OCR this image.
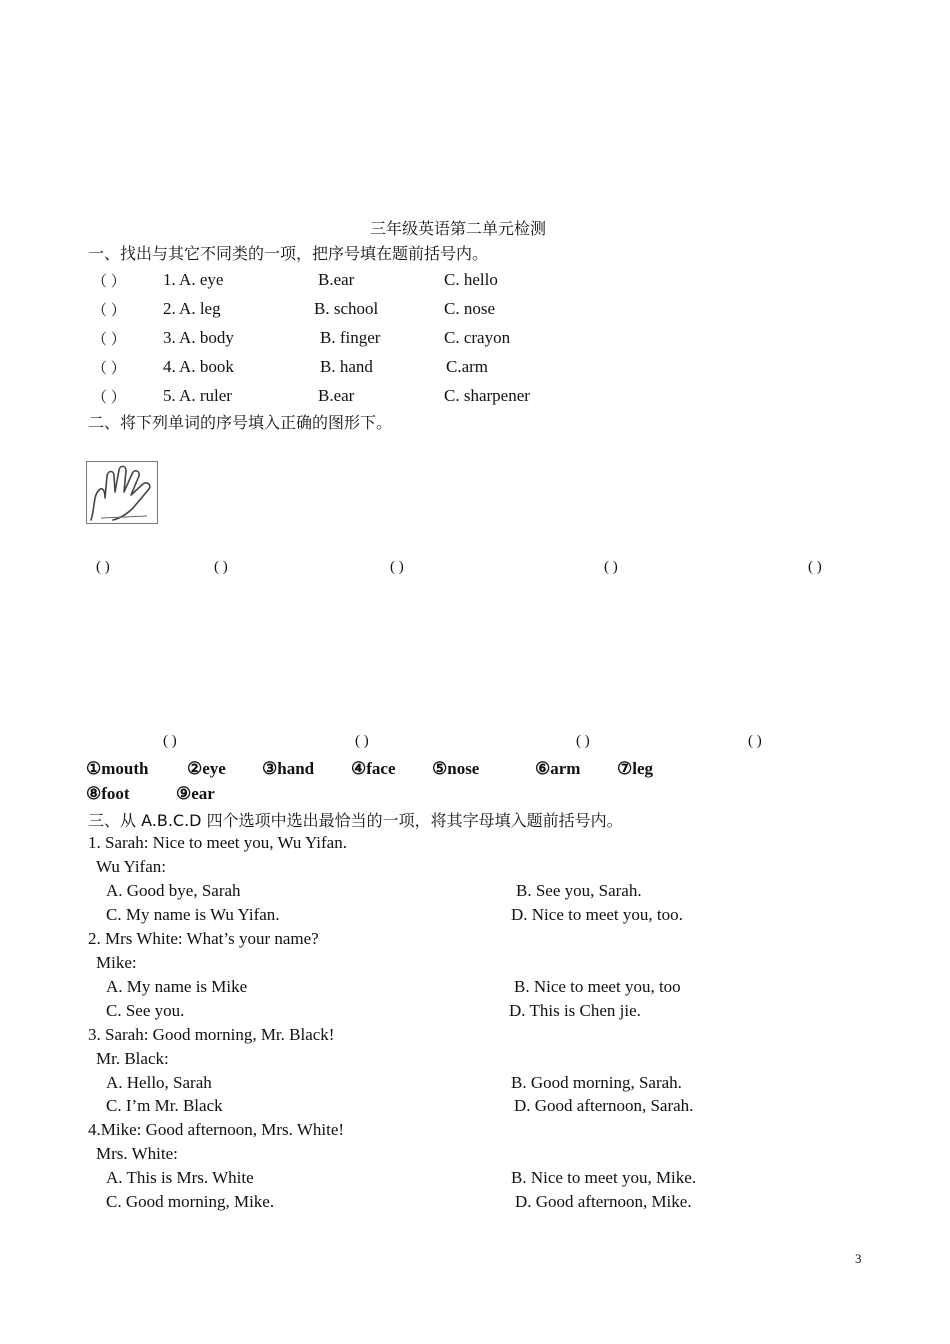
三年级英语第二单元检测
一、找出与其它不同类的一项，把序号填在题前括号内。
（ ） 1. A. eye	B.ear	C. hello
（ ） 2. A. leg	B. school	C. nose
（ ） 3. A. body	B. finger	C. crayon
（ ） 4. A. book	B. hand	C.arm
（ ） 5. A. ruler	B.ear	C. sharpener
二、将下列单词的序号填入正确的图形下。
( )	( )	( )	( )	( )
( )	( )	( )	( )
①mouth ②eye ③hand ④face ⑤nose	⑥arm ⑦leg
⑧foot	⑨ear
三、从 A.B.C.D 四个选项中选出最恰当的一项，将其字母填入题前括号内。
1. Sarah: Nice to meet you, Wu Yifan.
Wu Yifan:
A. Good bye, Sarah	B. See you, Sarah.
C. My name is Wu Yifan.	D. Nice to meet you, too.
2. Mrs White: What’s your name?
Mike:
A. My name is Mike	B. Nice to meet you, too
C. See you.	D. This is Chen jie.
3. Sarah: Good morning, Mr. Black!
Mr. Black:
A. Hello, Sarah	B. Good morning, Sarah.
C. I’m Mr. Black	D. Good afternoon, Sarah.
4.Mike: Good afternoon, Mrs. White!
Mrs. White:
A. This is Mrs. White	B. Nice to meet you, Mike.
C. Good morning, Mike.	D. Good afternoon, Mike.
3
